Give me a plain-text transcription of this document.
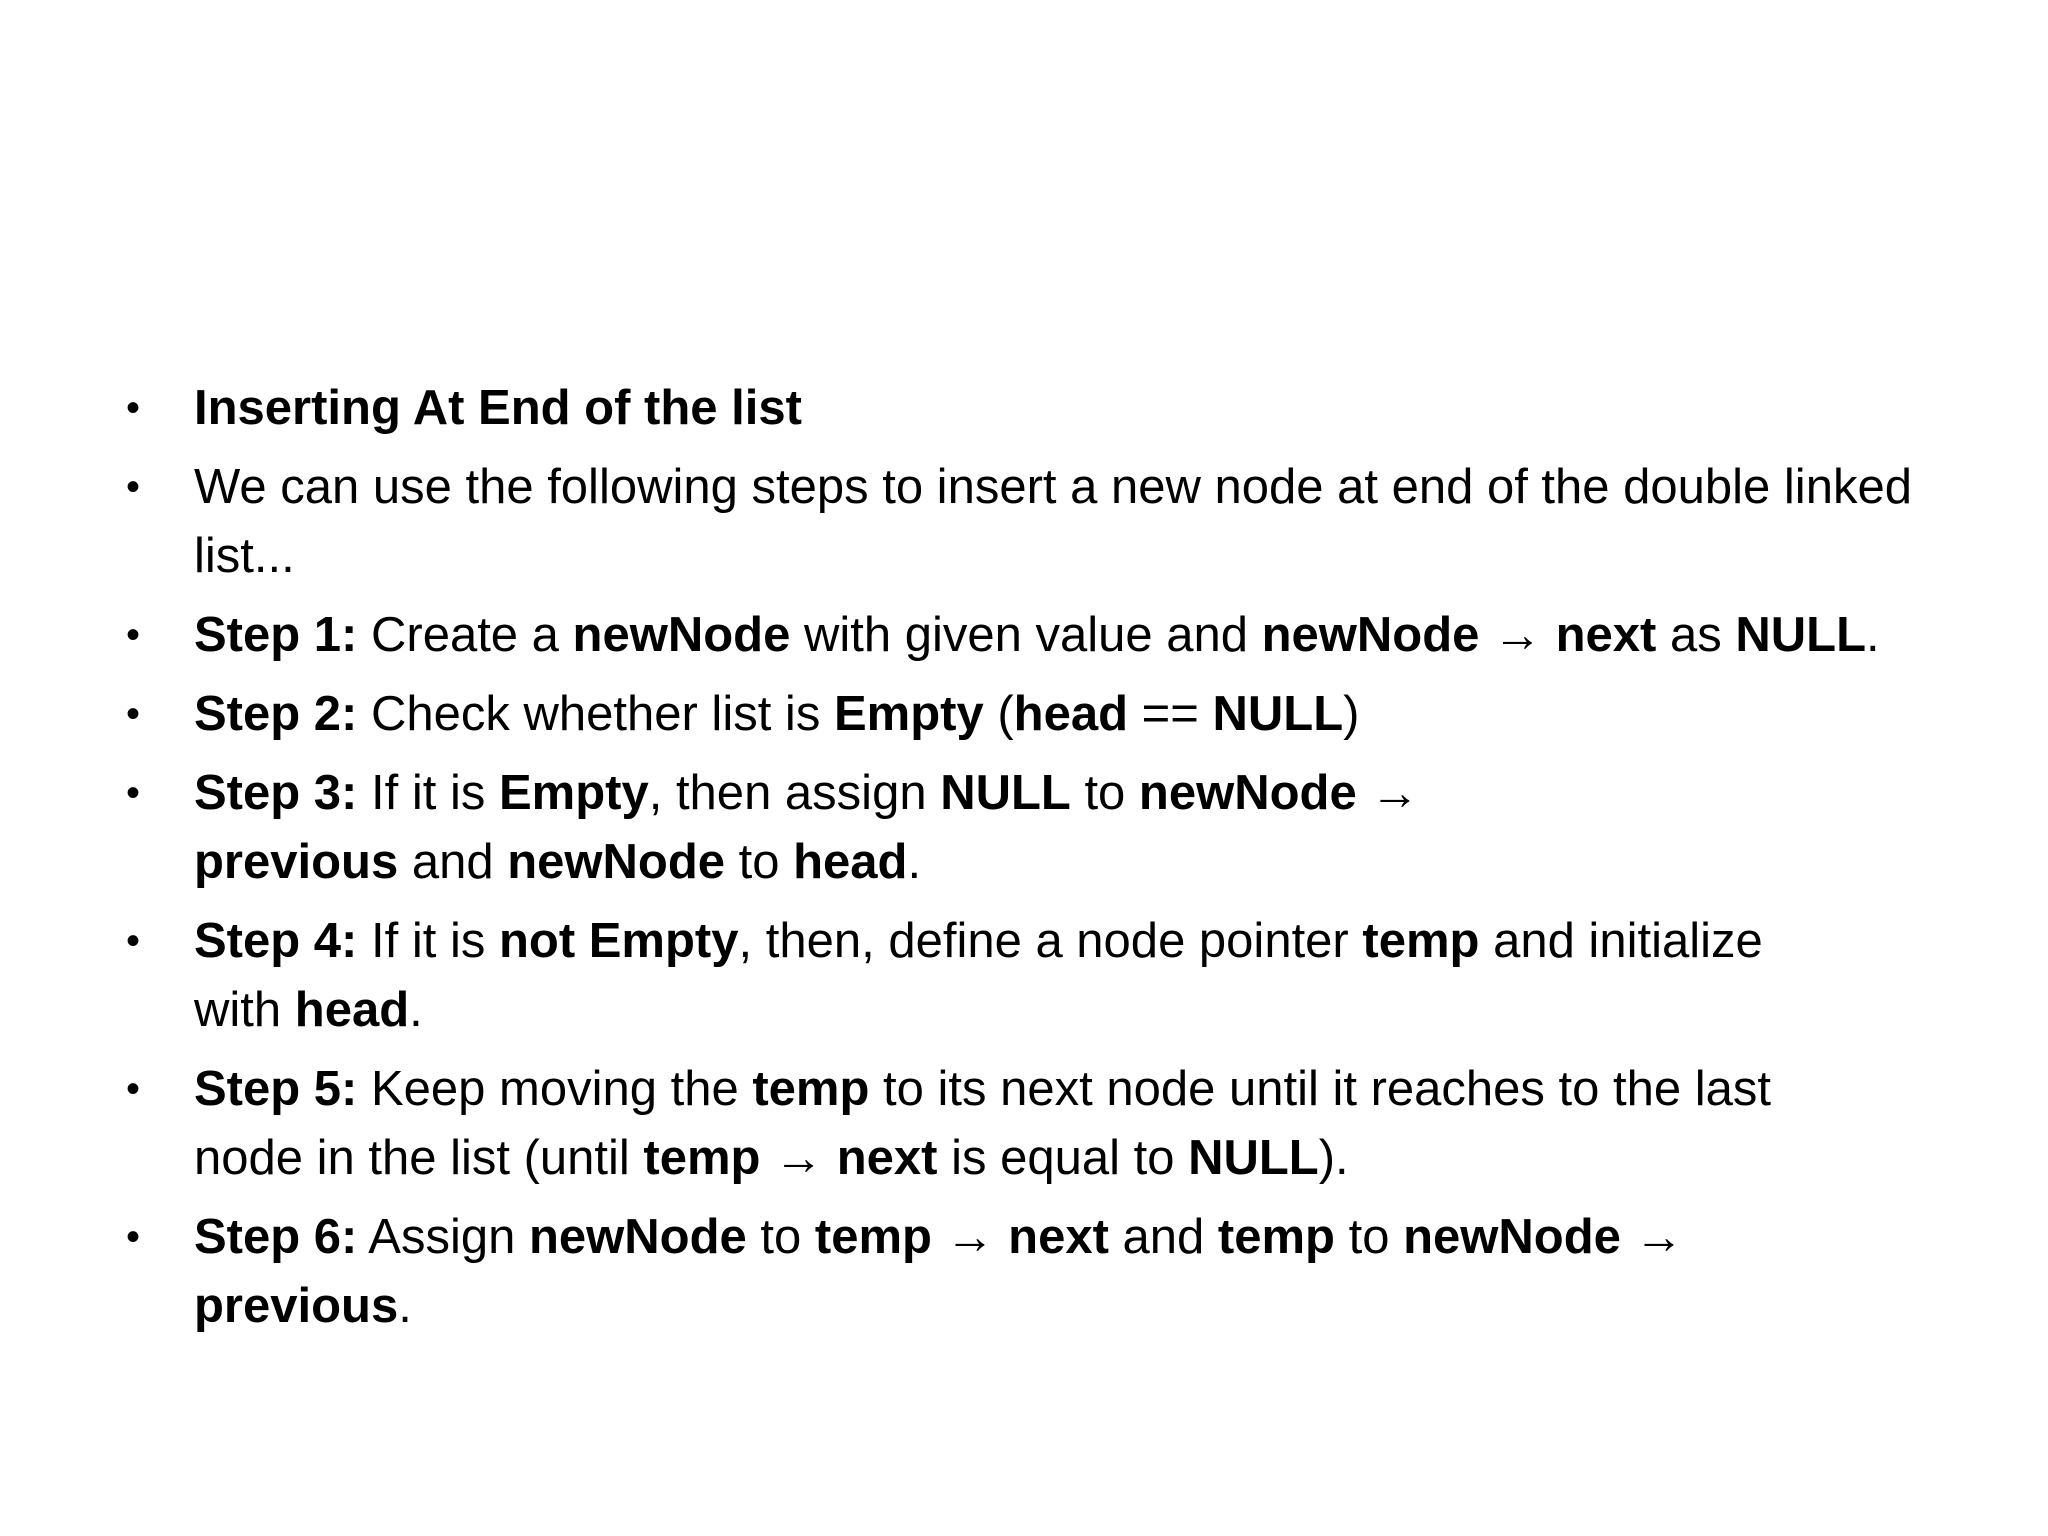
•	Inserting At End of the list
•	We can use the following steps to insert a new node at end of the double linked list...
•	Step 1: Create a newNode with given value and newNode → next as NULL.
•	Step 2: Check whether list is Empty (head == NULL)
•	Step 3: If it is Empty, then assign NULL to newNode →
previous and newNode to head.
•	Step 4: If it is not Empty, then, define a node pointer temp and initialize
with head.
•	Step 5: Keep moving the temp to its next node until it reaches to the last
node in the list (until temp → next is equal to NULL).
•	Step 6: Assign newNode to temp → next and temp to newNode →
previous.
